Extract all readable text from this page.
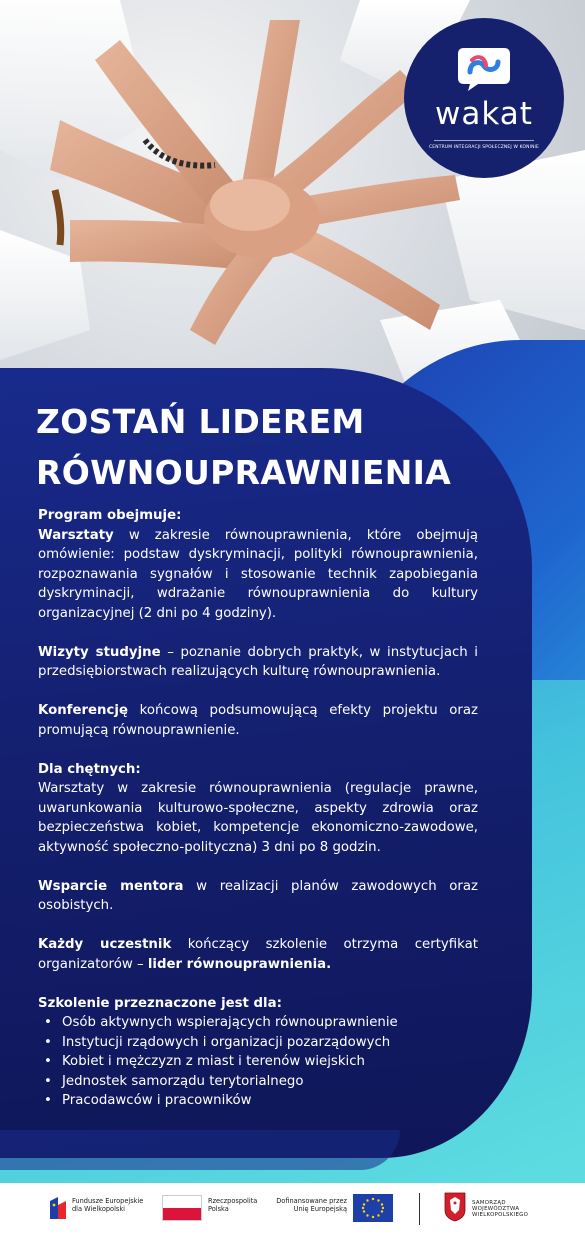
wakat
CENTRUM INTEGRACJI SPOŁECZNEJ W KONINIE
ZOSTAŃ LIDEREM
RÓWNOUPRAWNIENIA
Program obejmuje:
Warsztaty w zakresie równouprawnienia, które obejmują omówienie: podstaw dyskryminacji, polityki równouprawnienia, rozpoznawania sygnałów i stosowanie technik zapobiegania dyskryminacji, wdrażanie równouprawnienia do kultury organizacyjnej (2 dni po 4 godziny).
Wizyty studyjne – poznanie dobrych praktyk, w instytucjach i przedsiębiorstwach realizujących kulturę równouprawnienia.
Konferencję końcową podsumowującą efekty projektu oraz promującą równouprawnienie.
Dla chętnych:
Warsztaty w zakresie równouprawnienia (regulacje prawne, uwarunkowania kulturowo-społeczne, aspekty zdrowia oraz bezpieczeństwa kobiet, kompetencje ekonomiczno-zawodowe, aktywność społeczno-polityczna) 3 dni po 8 godzin.
Wsparcie mentora w realizacji planów zawodowych oraz osobistych.
Każdy uczestnik kończący szkolenie otrzyma certyfikat organizatorów – lider równouprawnienia.
Szkolenie przeznaczone jest dla:
• Osób aktywnych wspierających równouprawnienie
• Instytucji rządowych i organizacji pozarządowych
• Kobiet i mężczyzn z miast i terenów wiejskich
• Jednostek samorządu terytorialnego
• Pracodawców i pracowników
Fundusze Europejskie
dla Wielkopolski
Rzeczpospolita
Polska
Dofinansowane przez
Unię Europejską
SAMORZĄD
WOJEWÓDZTWA
WIELKOPOLSKIEGO
